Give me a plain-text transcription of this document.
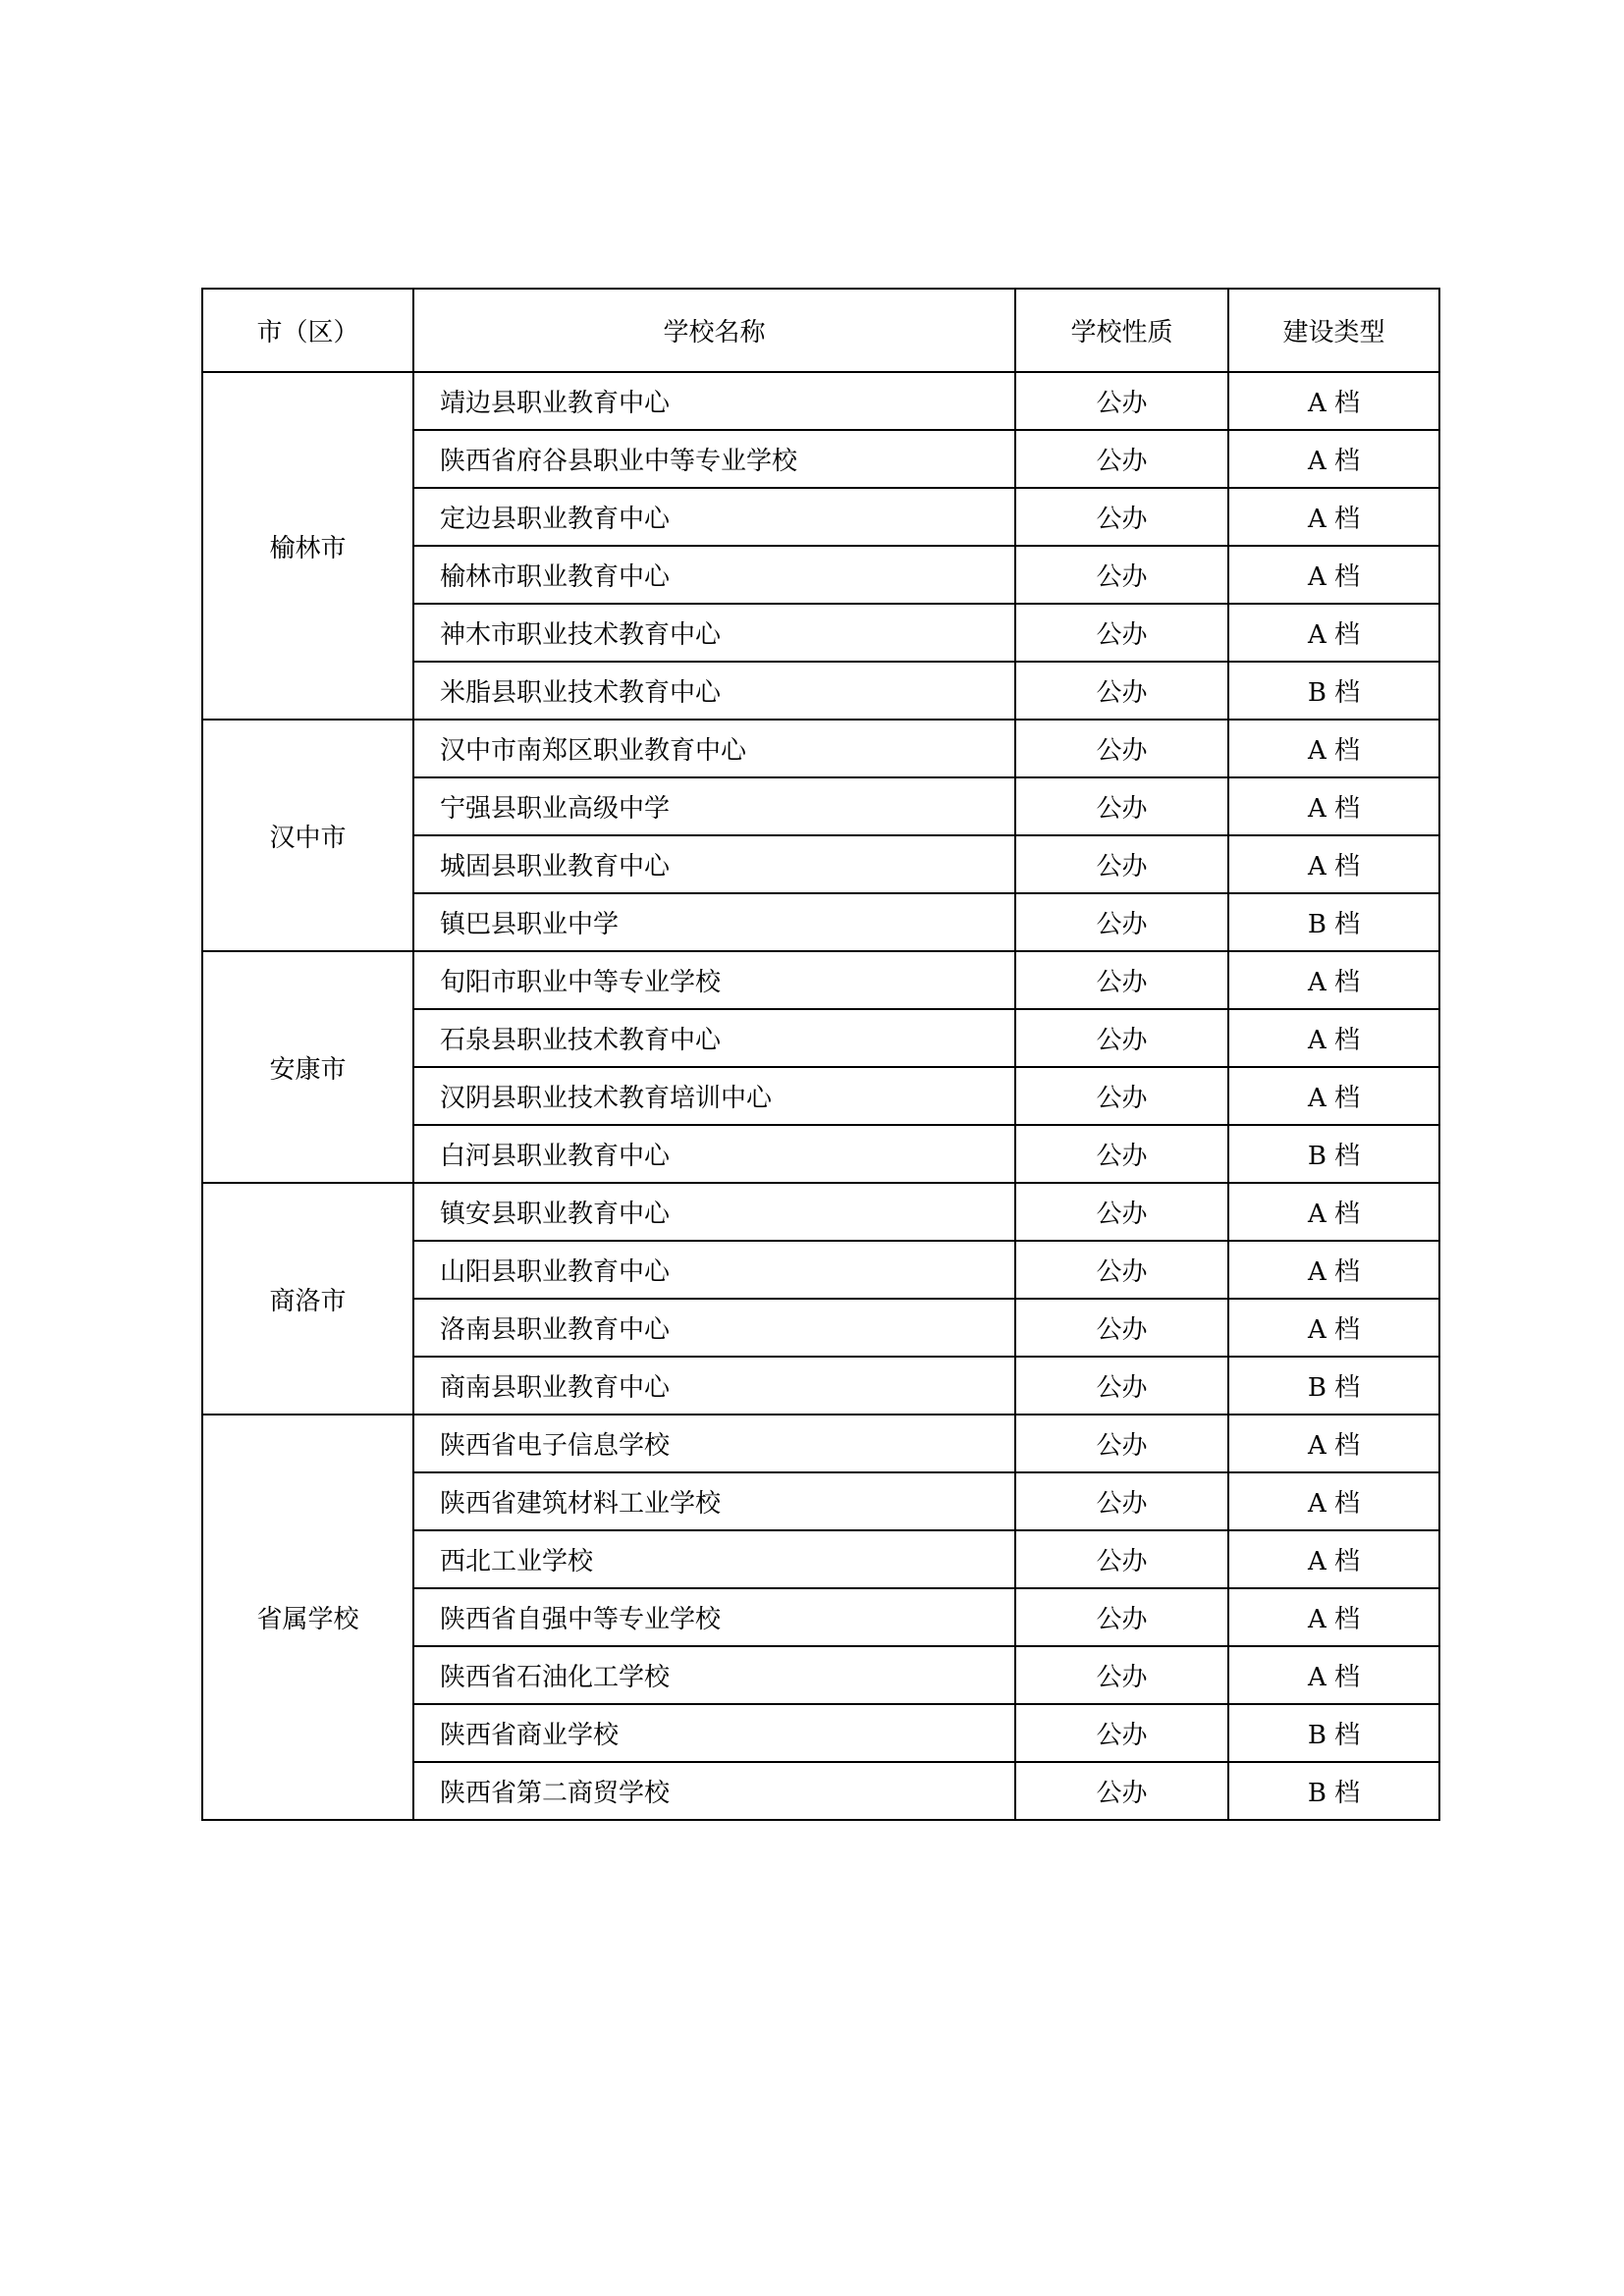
市（区）	学校名称	学校性质	建设类型
榆林市	靖边县职业教育中心	公办	A 档
	陕西省府谷县职业中等专业学校	公办	A 档
	定边县职业教育中心	公办	A 档
	榆林市职业教育中心	公办	A 档
	神木市职业技术教育中心	公办	A 档
	米脂县职业技术教育中心	公办	B 档
汉中市	汉中市南郑区职业教育中心	公办	A 档
	宁强县职业高级中学	公办	A 档
	城固县职业教育中心	公办	A 档
	镇巴县职业中学	公办	B 档
安康市	旬阳市职业中等专业学校	公办	A 档
	石泉县职业技术教育中心	公办	A 档
	汉阴县职业技术教育培训中心	公办	A 档
	白河县职业教育中心	公办	B 档
商洛市	镇安县职业教育中心	公办	A 档
	山阳县职业教育中心	公办	A 档
	洛南县职业教育中心	公办	A 档
	商南县职业教育中心	公办	B 档
省属学校	陕西省电子信息学校	公办	A 档
	陕西省建筑材料工业学校	公办	A 档
	西北工业学校	公办	A 档
	陕西省自强中等专业学校	公办	A 档
	陕西省石油化工学校	公办	A 档
	陕西省商业学校	公办	B 档
	陕西省第二商贸学校	公办	B 档
